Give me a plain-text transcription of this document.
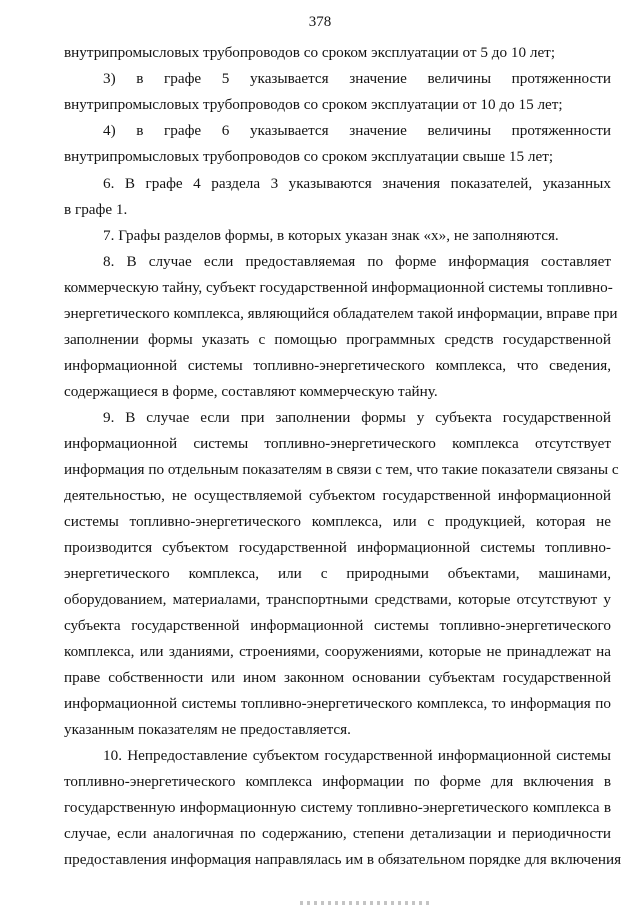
378
внутрипромысловых трубопроводов со сроком эксплуатации от 5 до 10 лет;
3) в графе 5 указывается значение величины протяженности
внутрипромысловых трубопроводов со сроком эксплуатации от 10 до 15 лет;
4) в графе 6 указывается значение величины протяженности
внутрипромысловых трубопроводов со сроком эксплуатации свыше 15 лет;
6. В графе 4 раздела 3 указываются значения показателей, указанных
в графе 1.
7. Графы разделов формы, в которых указан знак «х», не заполняются.
8. В случае если предоставляемая по форме информация составляет
коммерческую тайну, субъект государственной информационной системы топливно-
энергетического комплекса, являющийся обладателем такой информации, вправе при
заполнении формы указать с помощью программных средств государственной
информационной системы топливно-энергетического комплекса, что сведения,
содержащиеся в форме, составляют коммерческую тайну.
9. В случае если при заполнении формы у субъекта государственной
информационной системы топливно-энергетического комплекса отсутствует
информация по отдельным показателям в связи с тем, что такие показатели связаны с
деятельностью, не осуществляемой субъектом государственной информационной
системы топливно-энергетического комплекса, или с продукцией, которая не
производится субъектом государственной информационной системы топливно-
энергетического комплекса, или с природными объектами, машинами,
оборудованием, материалами, транспортными средствами, которые отсутствуют у
субъекта государственной информационной системы топливно-энергетического
комплекса, или зданиями, строениями, сооружениями, которые не принадлежат на
праве собственности или ином законном основании субъектам государственной
информационной системы топливно-энергетического комплекса, то информация по
указанным показателям не предоставляется.
10. Непредоставление субъектом государственной информационной системы
топливно-энергетического комплекса информации по форме для включения в
государственную информационную систему топливно-энергетического комплекса в
случае, если аналогичная по содержанию, степени детализации и периодичности
предоставления информация направлялась им в обязательном порядке для включения
